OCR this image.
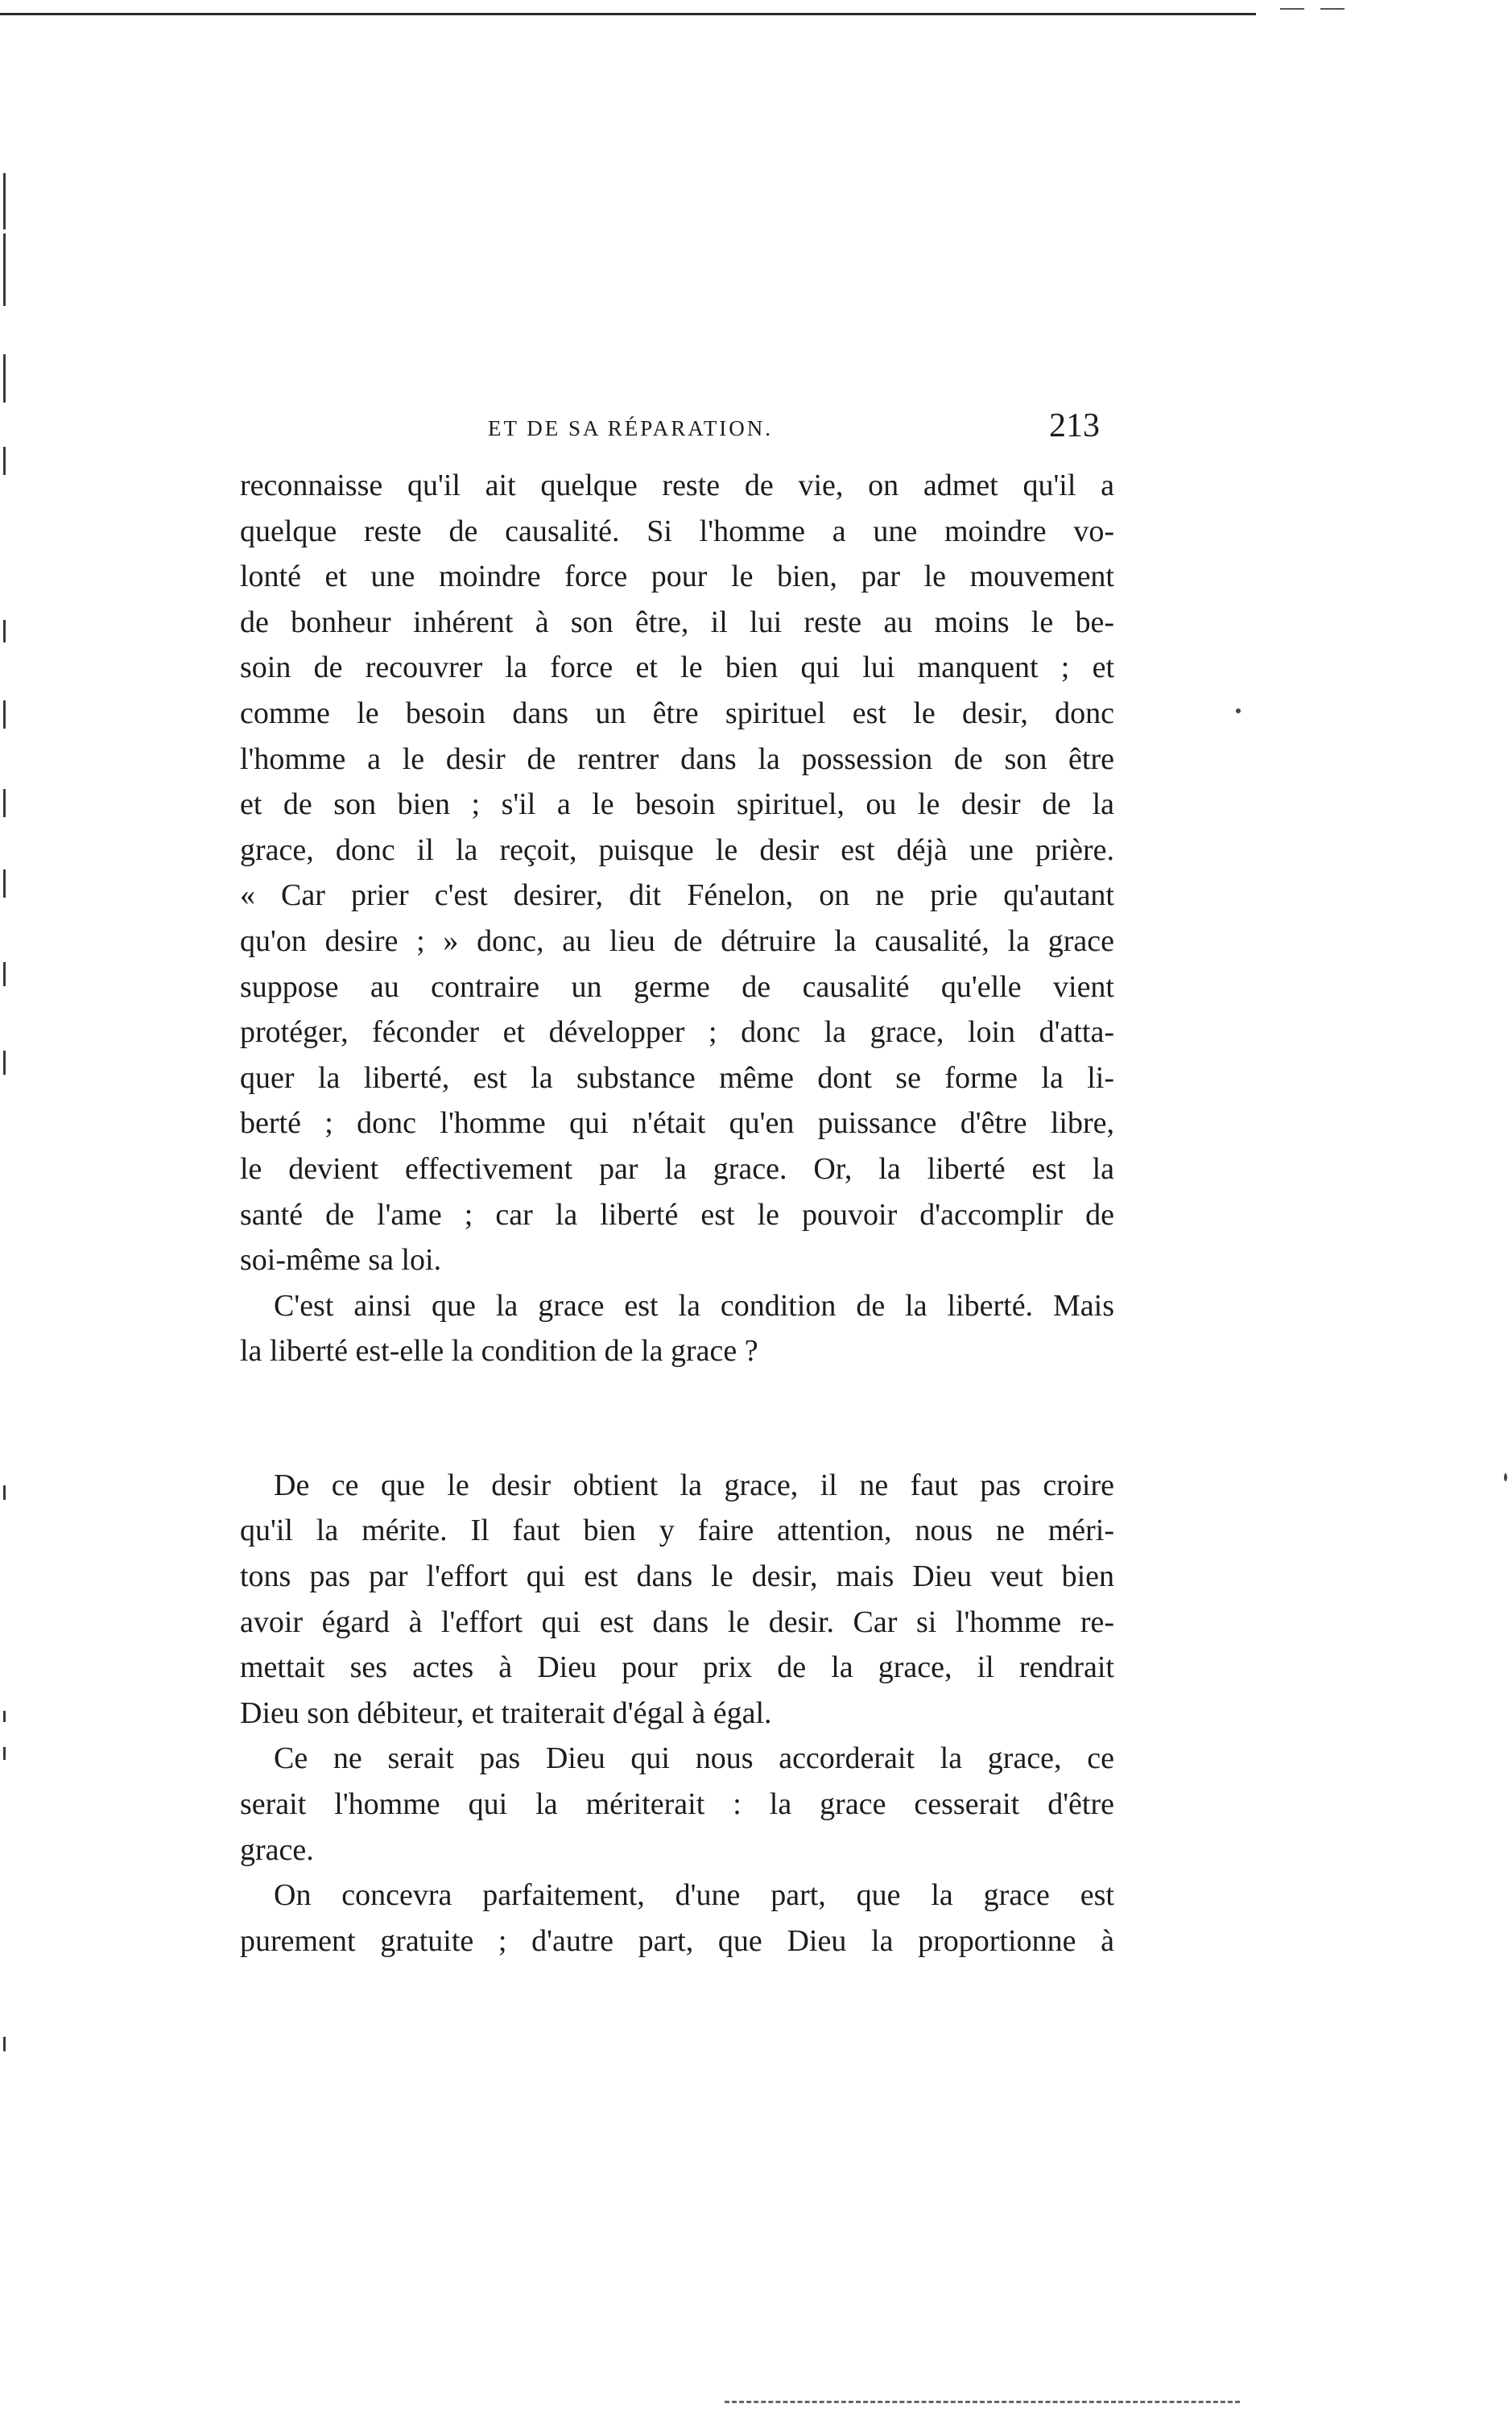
ET DE SA RÉPARATION.	213

reconnaisse qu'il ait quelque reste de vie, on admet qu'il a
quelque reste de causalité. Si l'homme a une moindre vo-
lonté et une moindre force pour le bien, par le mouvement
de bonheur inhérent à son être, il lui reste au moins le be-
soin de recouvrer la force et le bien qui lui manquent ; et
comme le besoin dans un être spirituel est le desir, donc
l'homme a le desir de rentrer dans la possession de son être
et de son bien ; s'il a le besoin spirituel, ou le desir de la
grace, donc il la reçoit, puisque le desir est déjà une prière.
« Car prier c'est desirer, dit Fénelon, on ne prie qu'autant
qu'on desire ; » donc, au lieu de détruire la causalité, la grace
suppose au contraire un germe de causalité qu'elle vient
protéger, féconder et développer ; donc la grace, loin d'atta-
quer la liberté, est la substance même dont se forme la li-
berté ; donc l'homme qui n'était qu'en puissance d'être libre,
le devient effectivement par la grace. Or, la liberté est la
santé de l'ame ; car la liberté est le pouvoir d'accomplir de
soi-même sa loi.

C'est ainsi que la grace est la condition de la liberté. Mais
la liberté est-elle la condition de la grace ?

De ce que le desir obtient la grace, il ne faut pas croire
qu'il la mérite. Il faut bien y faire attention, nous ne méri-
tons pas par l'effort qui est dans le desir, mais Dieu veut bien
avoir égard à l'effort qui est dans le desir. Car si l'homme re-
mettait ses actes à Dieu pour prix de la grace, il rendrait
Dieu son débiteur, et traiterait d'égal à égal.

Ce ne serait pas Dieu qui nous accorderait la grace, ce
serait l'homme qui la mériterait : la grace cesserait d'être
grace.

On concevra parfaitement, d'une part, que la grace est
purement gratuite ; d'autre part, que Dieu la proportionne à
